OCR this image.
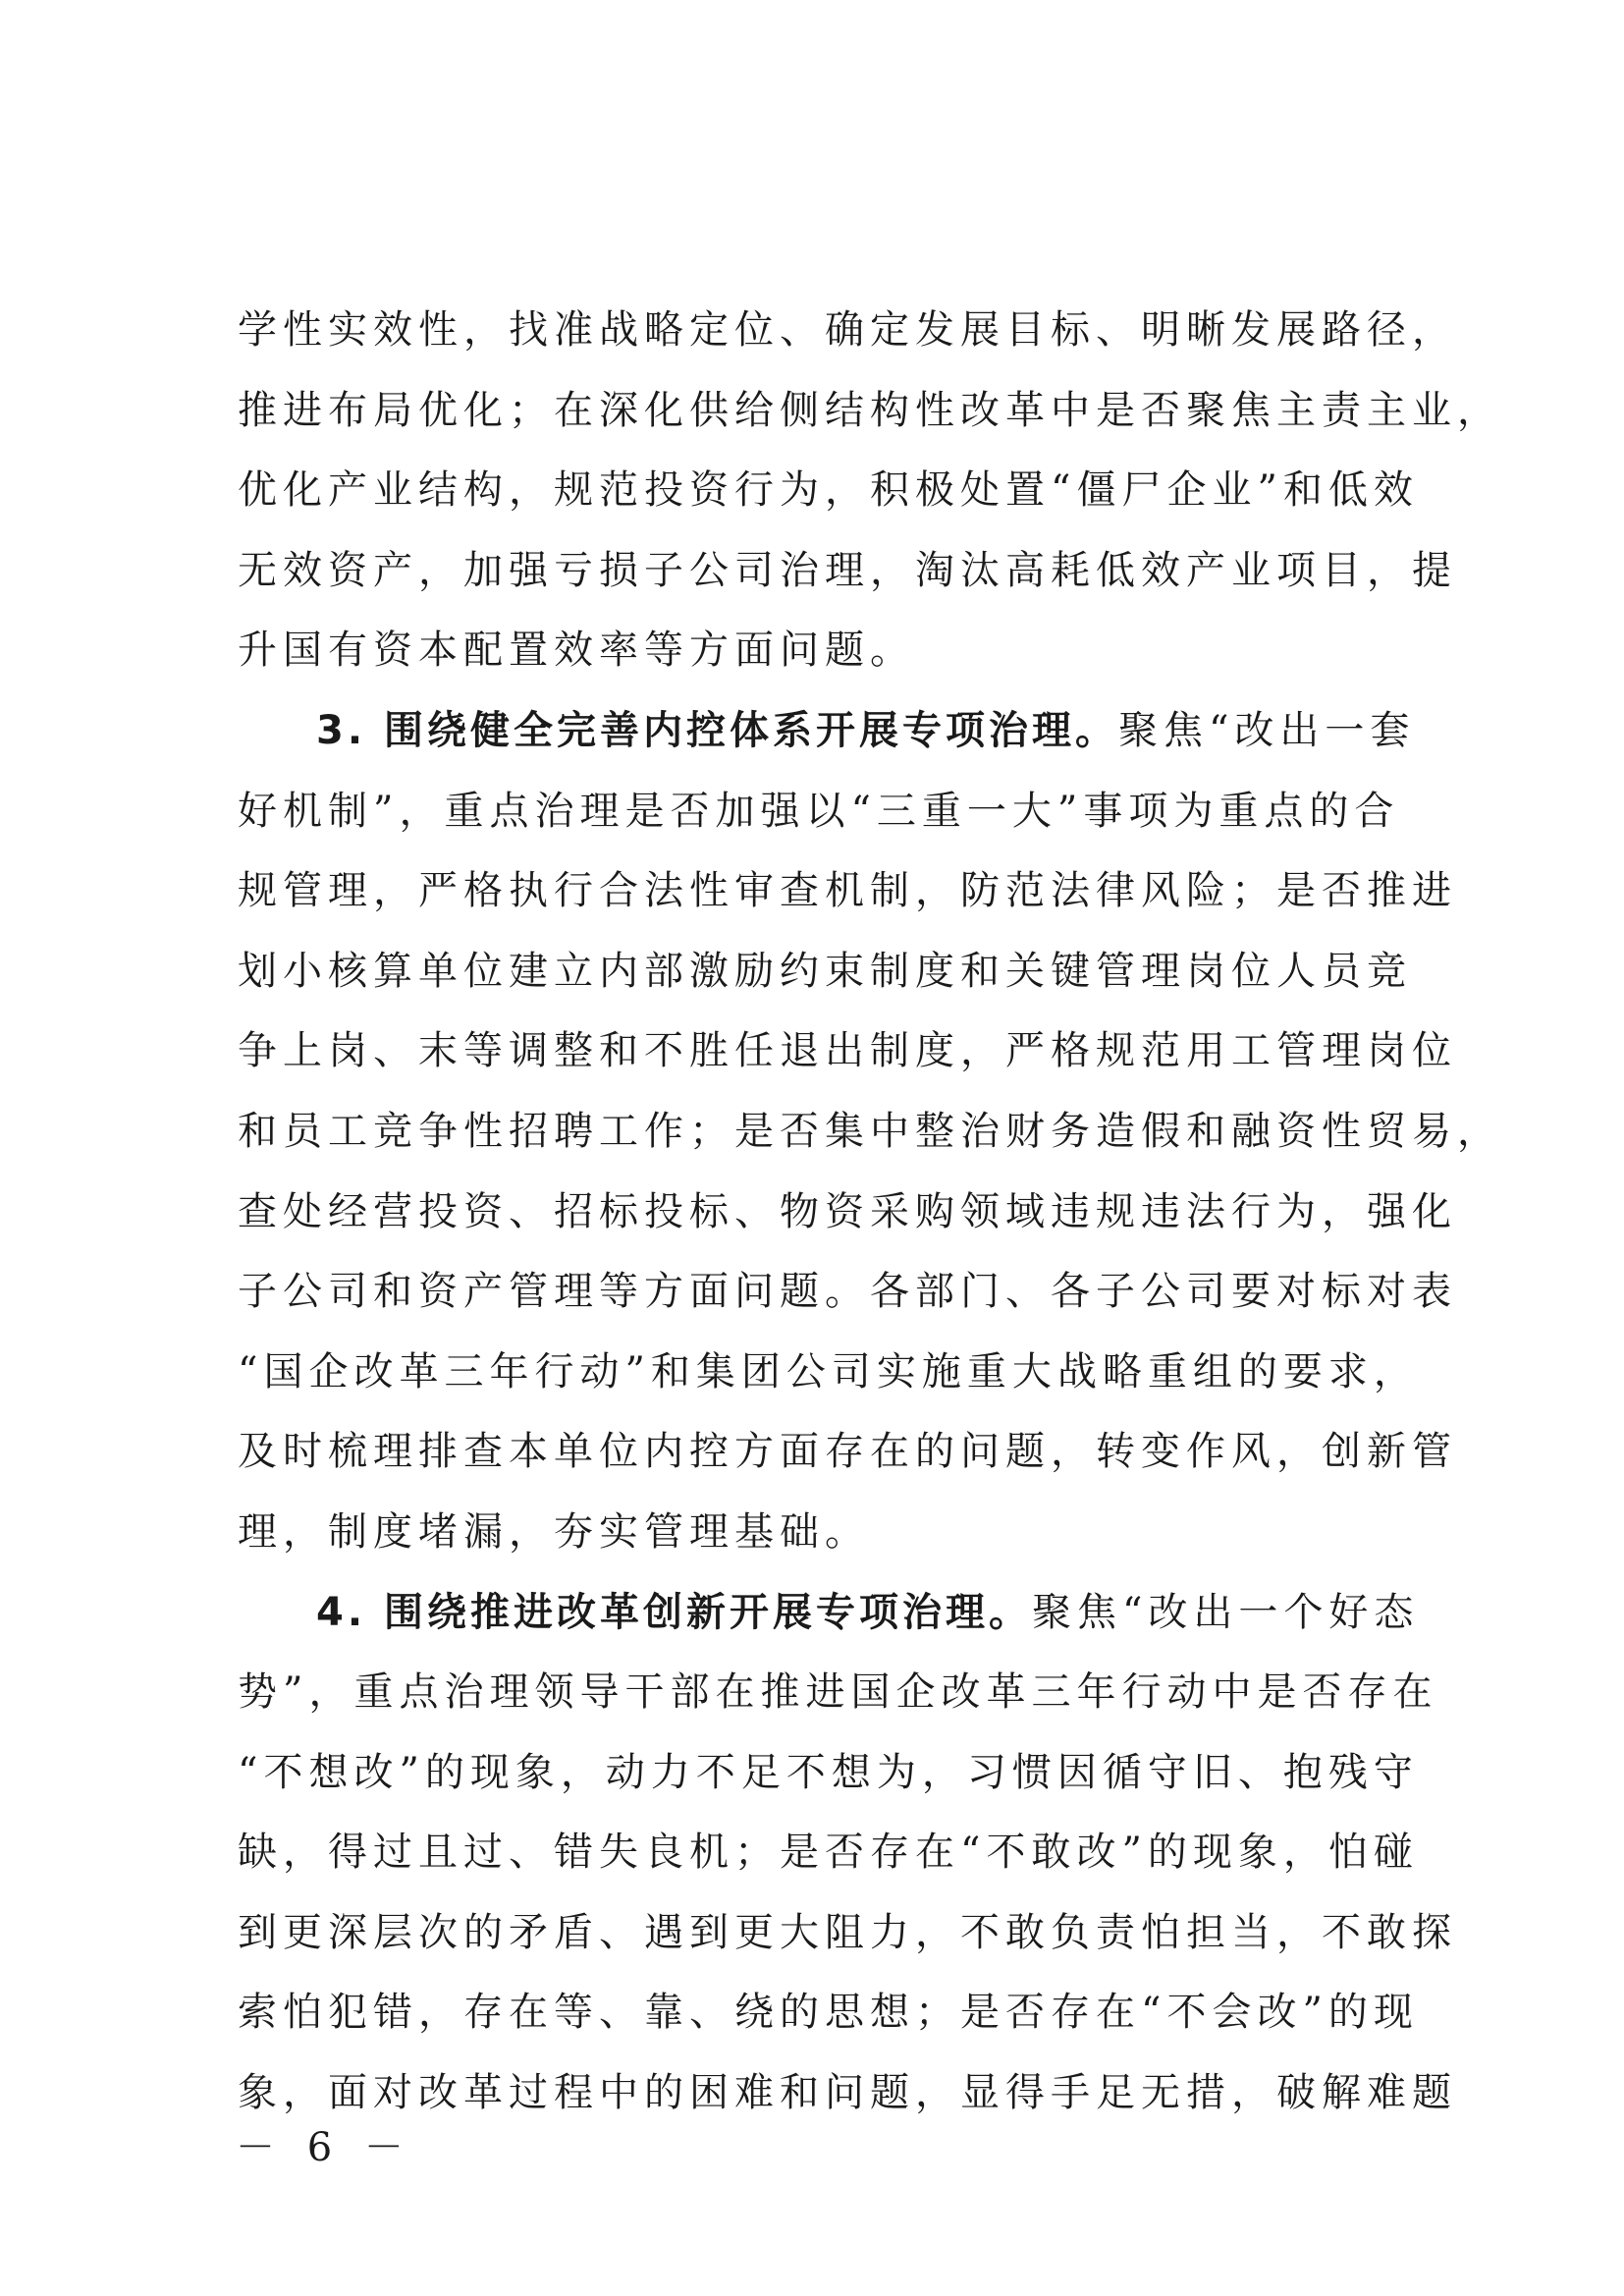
学性实效性，找准战略定位、确定发展目标、明晰发展路径，
推进布局优化；在深化供给侧结构性改革中是否聚焦主责主业，
优化产业结构，规范投资行为，积极处置“僵尸企业”和低效
无效资产，加强亏损子公司治理，淘汰高耗低效产业项目，提
升国有资本配置效率等方面问题。
3. 围绕健全完善内控体系开展专项治理。聚焦“改出一套
好机制”，重点治理是否加强以“三重一大”事项为重点的合
规管理，严格执行合法性审查机制，防范法律风险；是否推进
划小核算单位建立内部激励约束制度和关键管理岗位人员竞
争上岗、末等调整和不胜任退出制度，严格规范用工管理岗位
和员工竞争性招聘工作；是否集中整治财务造假和融资性贸易，
查处经营投资、招标投标、物资采购领域违规违法行为，强化
子公司和资产管理等方面问题。各部门、各子公司要对标对表
“国企改革三年行动”和集团公司实施重大战略重组的要求，
及时梳理排查本单位内控方面存在的问题，转变作风，创新管
理，制度堵漏，夯实管理基础。
4. 围绕推进改革创新开展专项治理。聚焦“改出一个好态
势”，重点治理领导干部在推进国企改革三年行动中是否存在
“不想改”的现象，动力不足不想为，习惯因循守旧、抱残守
缺，得过且过、错失良机；是否存在“不敢改”的现象，怕碰
到更深层次的矛盾、遇到更大阻力，不敢负责怕担当，不敢探
索怕犯错，存在等、靠、绕的思想；是否存在“不会改”的现
象，面对改革过程中的困难和问题，显得手足无措，破解难题
－ 6 －
